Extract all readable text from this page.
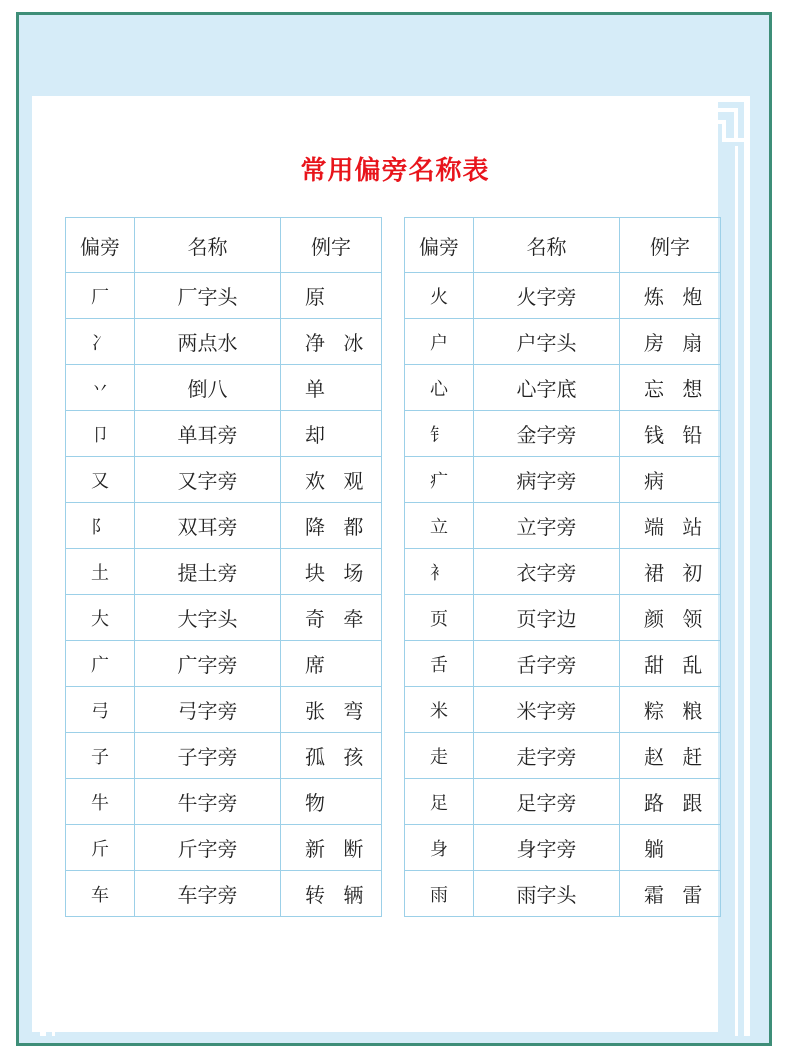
常用偏旁名称表
偏旁	名称	例字
厂	厂字头	原
冫	两点水	净 冰
丷	倒八	单
卩	单耳旁	却
又	又字旁	欢 观
阝	双耳旁	降 都
土	提土旁	块 场
大	大字头	奇 牵
广	广字旁	席
弓	弓字旁	张 弯
子	子字旁	孤 孩
牛	牛字旁	物
斤	斤字旁	新 断
车	车字旁	转 辆
偏旁	名称	例字
火	火字旁	炼 炮
户	户字头	房 扇
心	心字底	忘 想
钅	金字旁	钱 铅
疒	病字旁	病
立	立字旁	端 站
衤	衣字旁	裙 初
页	页字边	颜 领
舌	舌字旁	甜 乱
米	米字旁	粽 粮
走	走字旁	赵 赶
足	足字旁	路 跟
身	身字旁	躺
雨	雨字头	霜 雷
